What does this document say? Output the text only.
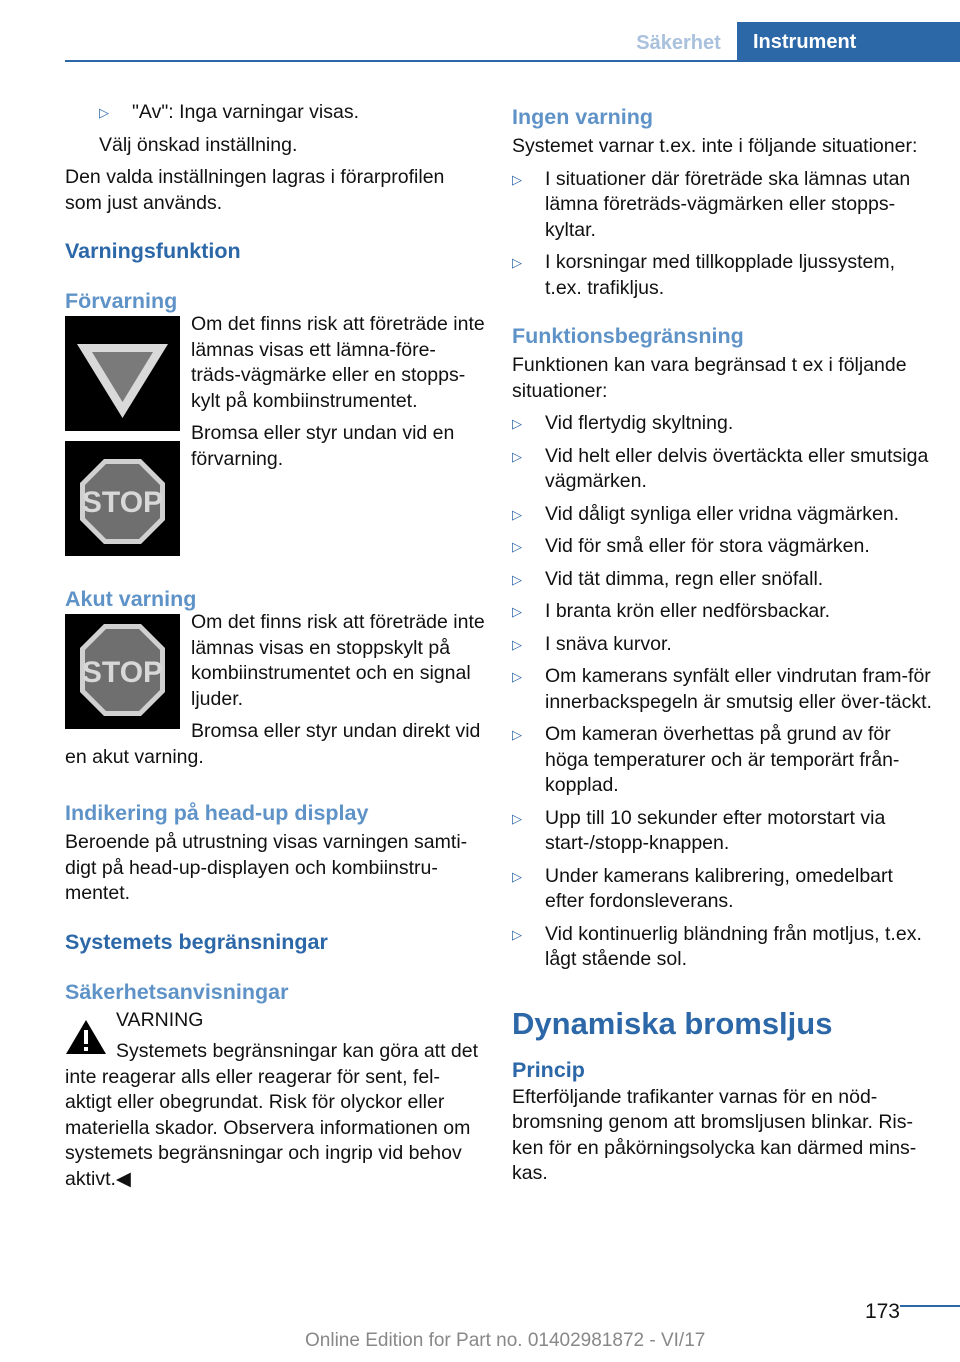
Säkerhet	Instrument
▷	"Av": Inga varningar visas.

Välj önskad inställning.

Den valda inställningen lagras i förarprofilen som just används.

Varningsfunktion
Förvarning
STOP

Om det finns risk att företräde inte lämnas visas ett lämna-före-träds-vägmärke eller en stopps-kylt på kombiinstrumentet.

Bromsa eller styr undan vid en förvarning.

Akut varning
STOP

Om det finns risk att företräde inte lämnas visas en stoppskylt på kombiinstrumentet och en signal ljuder.

Bromsa eller styr undan direkt vid en akut varning.

Indikering på head-up display

Beroende på utrustning visas varningen samti-digt på head-up-displayen och kombiinstru-mentet.

Systemets begränsningar
Säkerhetsanvisningar

VARNING

Systemets begränsningar kan göra att det inte reagerar alls eller reagerar för sent, fel-aktigt eller obegrundat. Risk för olyckor eller materiella skador. Observera informationen om systemets begränsningar och ingrip vid behov aktivt.◀

Ingen varning

Systemet varnar t.ex. inte i följande situationer:

▷	I situationer där företräde ska lämnas utan lämna företräds-vägmärken eller stopps-kyltar.
▷	I korsningar med tillkopplade ljussystem, t.ex. trafikljus.
Funktionsbegränsning

Funktionen kan vara begränsad t ex i följande situationer:

▷	Vid flertydig skyltning.
▷	Vid helt eller delvis övertäckta eller smutsiga vägmärken.
▷	Vid dåligt synliga eller vridna vägmärken.
▷	Vid för små eller för stora vägmärken.
▷	Vid tät dimma, regn eller snöfall.
▷	I branta krön eller nedförsbackar.
▷	I snäva kurvor.
▷	Om kamerans synfält eller vindrutan fram-för innerbackspegeln är smutsig eller över-täckt.
▷	Om kameran överhettas på grund av för höga temperaturer och är temporärt från-kopplad.
▷	Upp till 10 sekunder efter motorstart via start-/stopp-knappen.
▷	Under kamerans kalibrering, omedelbart efter fordonsleverans.
▷	Vid kontinuerlig bländning från motljus, t.ex. lågt stående sol.
Dynamiska bromsljus
Princip

Efterföljande trafikanter varnas för en nöd-bromsning genom att bromsljusen blinkar. Ris-ken för en påkörningsolycka kan därmed mins-kas.

173
Online Edition for Part no. 01402981872 - VI/17
